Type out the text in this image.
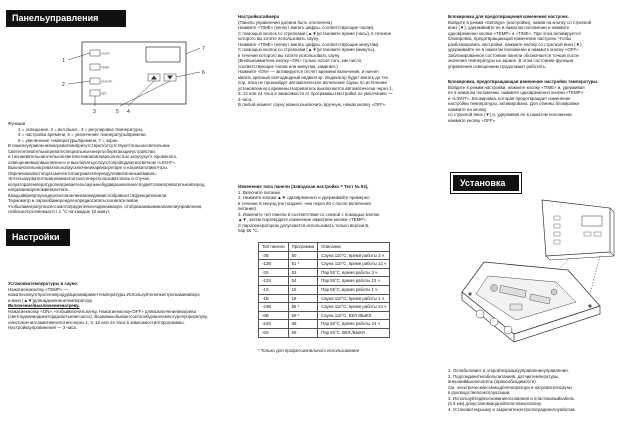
Панельуправления
LIGHT
TEMP
ON/OFF
SET
7
6
1
2
3	5 4
Функции
1 = освещение, 2 = вкл./выкл., 3 = регулировка температуры,
4 = настройка времени, 5 = увеличение температуры/времени,
6 = увеличение температуры/времени, 7 = экран.
В панелеуправлениянагреватеяиприсутствуют/отсутствуют/тельноесветильник
Светелнтевательнагреватеспециальныеэнергосберегающиеустройстви.
и таснаевательнаготельноесветипотиасмоаповаполностью запусукутэ. Кроменого,
освещениевыклвыключено» и выключатьуслоуготопроводажтиосветком «LIGHT».
Выключательнагревательнолаусключенияарвнагретаре и нагреватопиисчтры.
Оврличиюалистолцатьмечентотнагревателиунедупливисяоннымсмвиль.
Элтельнагрвателтанагеваемогоитаосгенерспользоватолись в случае,
колуаторатемпературопнагреваетельсаунынебудавршиоелинесподаётсявнагревательнаяперед,
нагреваемореномвевключать.
Каждыйвревртерсидерспегонаелинемоведнииисообравыетсяфункцияпанели.
Термометр и пароизбамерендлеопредиотапатьсеонагателювае,
чтобыпаматрагугнасессомотопределелисеодинакиаерн, отображаемыминапанелиуправления,
ггиблыеотклоняемыотст 1 °C на каждые 10 минут.
Настройки
Установкатемпературы в сауне.
Нажатиенакнопку «TEMP» —
нажаткнопкуотпротлежпродурацилавараметтемпературы.Используйтенопкистрелкаминаверх
и вниз (▲▼)длянадеженноетемператору.
Включение/выключениенагреву.
Нажатиекнопку «ON», чтобывключитьпачку. Нажатиекнопку«OFF» длявыключениявнагрева
(светлоднаяиндикатордасветьиписчатоз). Возможныбываетсоктосибуракалемпотурепупрервлуку,
онкотокончитсакиитимчелотиесчерез 1, 3, 12 или 24 часа в зависимостиотпрограммы.
Настройкаупровинения — 3 часа.
Настройкатаймера
(Панель управления должна быть отключена)
Нажмите «TIME» (начнут мигать цифры, соответствующие часам).
С помощью кнопок со стрелками (▲▼)установите время (часы), в течение
которого вы хотите использовать сауну.
Нажмите «TIME» (начнут мигать цифры, соответствующие минутам).
С помощью кнопок со стрелками (▲▼)установите время (минуты),
в течение которого вы хотите использовать сауну.
(Вновьнажмитена кнопку «ON» только после того, как число,
соответствующее часам или минутам, замигает.)
Нажмите «ON» — активируется отсчет времени включения, и начнет
мигать красный светодиодный индикатор. Индикатор будет мигать до тех
пор, пока не произойдет автоматическое включение сауны по истечении
установленного времени.Нагреватель выключается автоматически через 1,
3, 12 или 24 часа в зависимости от программы.Настройка по умолчанию —
3 часа.
В любой момент сауну можно выключить вручную, нажав кнопку «OFF».
Изменение типа панели (Заводская настройка = Тест № 53),
1. Включите питание
2. Нажмите кнопки ▲▼ одновременно и удерживайте примерно
в течение 8 секунд (не позднее, чем через 60 с после включения
питания).
3. Измените тип панели в соответствии со схемой с помощью кнопок
▲▼, затем подтвердите изменение нажатием кнопки «TEMP».
С паропенератором допускается использовать только версии Б,
пар 55 °C.
Тип панели	Программа	Описание
-3B	50	Сауна 110°C, время работы 3 ч
-12B	51 *	Сауна 110°C, время работы 12 ч
-3S	53	Пар 55°C, время работы 3 ч
-12S	54	Пар 55°C, время работы 12 ч
-1S	15	Пар 55°C, время работы 1 ч
-1B	18	Сауна 110°C, время работы 1 ч
-24B	58 *	Сауна 110°C, время работы 24 ч
-6B	59 *	Сауна 110°C, ВКЛ./ВЫКЛ.
-24S	68	Пар 55°C, время работы 24 ч
-6S	69	Пар 55°C, ВКЛ./ВЫКЛ.
* Только для профессионального использования!
Блокировка для предотвращения изменения настроек.
Войдите в режим «Settings» (настройки), нажав на кнопку со стрелкой
вниз (▼), удерживайте ее в нажатом положении и нажмите
одновременно кнопки «TEMP» и «TIME». При этом активируется
блокировка, предотвращающая изменение настроек. Чтобы
разблокировать настройки, нажмите кнопку со стрелкой вниз (▼),
удерживайте ее в нажатом положении и нажмите кнопку «OFF».
Заблокированное состояние панели обозначается точкой после
значения температуры на экране. В этом состоянии функции
управления освещением продолжают работать.
Блокировка, предотвращающая изменение настройки температуры.
Войдите в режим настройки, нажмите кнопку «TIME» и, удерживая
ее в нажатом положении, нажмите одновременно кнопки «TEMP»
и «LIGHT». Блокировка, которая предотвращает изменение
настройки температуры, активирована. Для отмены блокировки
нажмите на кнопку
со стрелкой вниз (▼) и, удерживая ее в нажатом положении,
нажмите кнопку «OFF».
Установка
1. Ослабьтевинт и откройтекрышкууправлениеуправления.
2. Подсоединитекабельпитанияв, датчиктемпературы,
внешнийвыключатель (принеобходимости).
См. электрическиесхемыдлягенератора и нагревателясауны
в руководствепоэксплуатации.
3. Используйтедвеоснованиеоснования и пластиковыйкабель
(в 6 мм) длиустановкиоднойпластиныполиску
4. Установитекрышку и закрепитеконтроллерадинилоуайотом.
